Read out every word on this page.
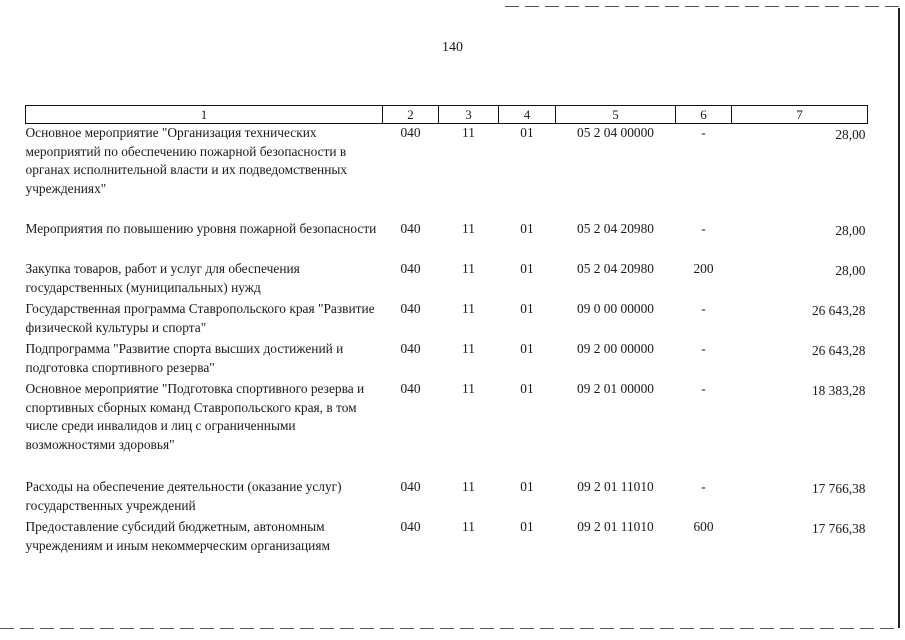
140
1	2	3	4	5	6	7
Основное мероприятие "Организация технических мероприятий по обеспечению пожарной безопасности в органах исполнительной власти и их подведомственных учреждениях"	040	11	01	05 2 04 00000	-	28,00
Мероприятия по повышению уровня пожарной безопасности	040	11	01	05 2 04 20980	-	28,00
Закупка товаров, работ и услуг для обеспечения государственных (муниципальных) нужд	040	11	01	05 2 04 20980	200	28,00
Государственная программа Ставропольского края "Развитие физической культуры и спорта"	040	11	01	09 0 00 00000	-	26 643,28
Подпрограмма "Развитие спорта высших достижений и подготовка спортивного резерва"	040	11	01	09 2 00 00000	-	26 643,28
Основное мероприятие "Подготовка спортивного резерва и спортивных сборных команд Ставропольского края, в том числе среди инвалидов и лиц с ограниченными возможностями здоровья"	040	11	01	09 2 01 00000	-	18 383,28
Расходы на обеспечение деятельности (оказание услуг) государственных учреждений	040	11	01	09 2 01 11010	-	17 766,38
Предоставление субсидий бюджетным, автономным учреждениям и иным некоммерческим организациям	040	11	01	09 2 01 11010	600	17 766,38
